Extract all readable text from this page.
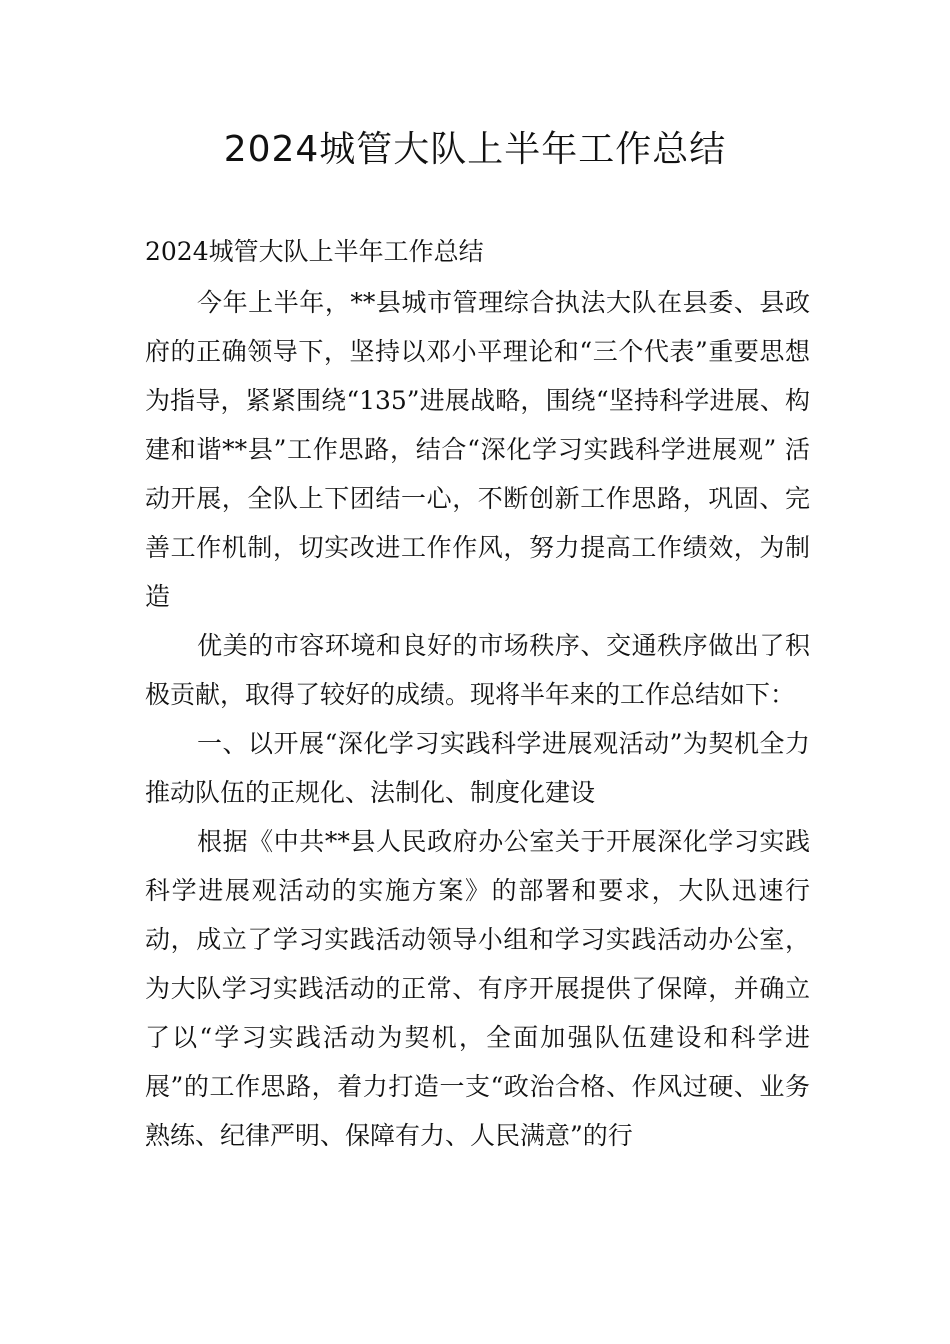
2024城管大队上半年工作总结

2024城管大队上半年工作总结

今年上半年，**县城市管理综合执法大队在县委、县政府的正确领导下，坚持以邓小平理论和“三个代表”重要思想为指导，紧紧围绕“135”进展战略，围绕“坚持科学进展、构建和谐**县”工作思路，结合“深化学习实践科学进展观” 活动开展，全队上下团结一心，不断创新工作思路，巩固、完善工作机制，切实改进工作作风，努力提高工作绩效，为制造

优美的市容环境和良好的市场秩序、交通秩序做出了积极贡献，取得了较好的成绩。现将半年来的工作总结如下：

一、以开展“深化学习实践科学进展观活动”为契机全力推动队伍的正规化、法制化、制度化建设

根据《中共**县人民政府办公室关于开展深化学习实践科学进展观活动的实施方案》的部署和要求，大队迅速行动，成立了学习实践活动领导小组和学习实践活动办公室，为大队学习实践活动的正常、有序开展提供了保障，并确立了以“学习实践活动为契机，全面加强队伍建设和科学进展”的工作思路，着力打造一支“政治合格、作风过硬、业务熟练、纪律严明、保障有力、人民满意”的行
